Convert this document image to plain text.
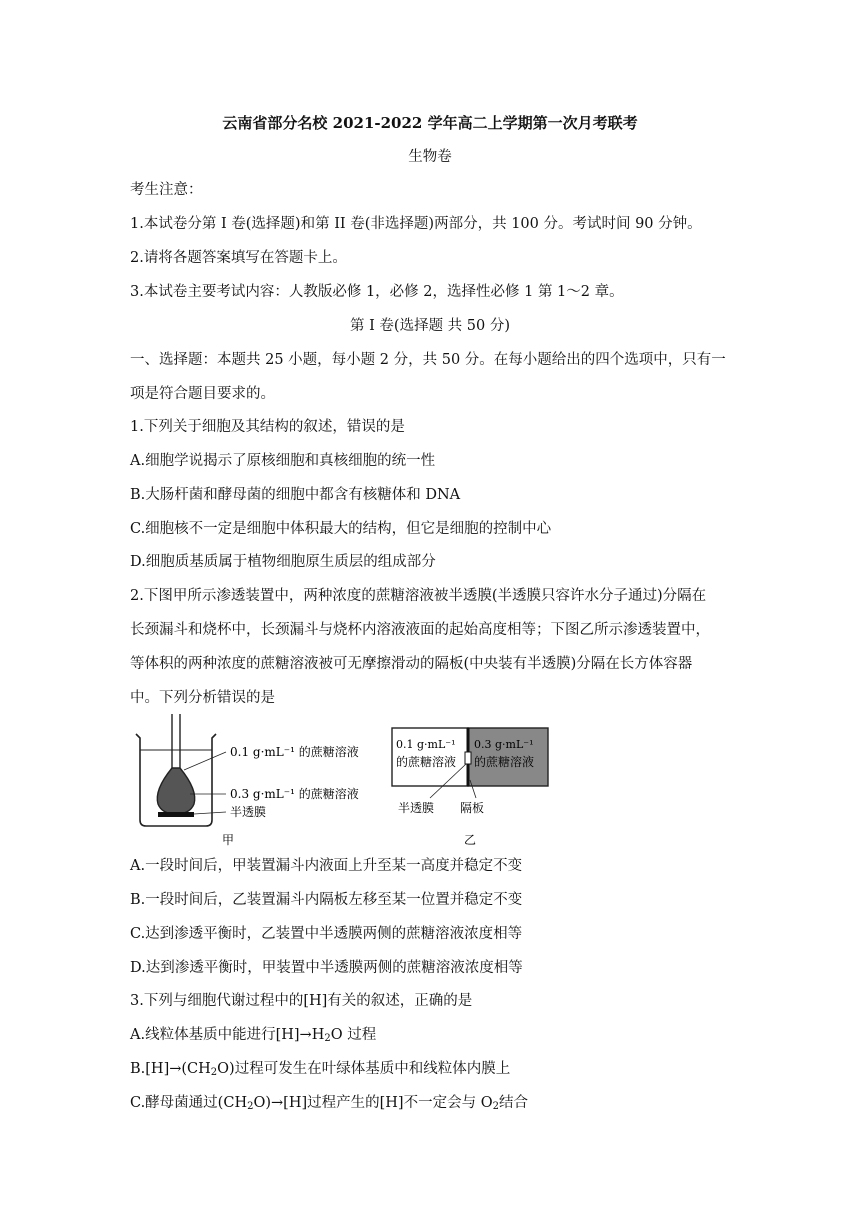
云南省部分名校 2021-2022 学年高二上学期第一次月考联考
生物卷
考生注意：
1.本试卷分第 I 卷(选择题)和第 II 卷(非选择题)两部分，共 100 分。考试时间 90 分钟。
2.请将各题答案填写在答题卡上。
3.本试卷主要考试内容：人教版必修 1，必修 2，选择性必修 1 第 1～2 章。
第 I 卷(选择题 共 50 分)
一、选择题：本题共 25 小题，每小题 2 分，共 50 分。在每小题给出的四个选项中，只有一
项是符合题目要求的。
1.下列关于细胞及其结构的叙述，错误的是
A.细胞学说揭示了原核细胞和真核细胞的统一性
B.大肠杆菌和酵母菌的细胞中都含有核糖体和 DNA
C.细胞核不一定是细胞中体积最大的结构，但它是细胞的控制中心
D.细胞质基质属于植物细胞原生质层的组成部分
2.下图甲所示渗透装置中，两种浓度的蔗糖溶液被半透膜(半透膜只容许水分子通过)分隔在
长颈漏斗和烧杯中，长颈漏斗与烧杯内溶液液面的起始高度相等；下图乙所示渗透装置中，
等体积的两种浓度的蔗糖溶液被可无摩擦滑动的隔板(中央装有半透膜)分隔在长方体容器
中。下列分析错误的是
0.1 g·mL⁻¹ 的蔗糖溶液
0.3 g·mL⁻¹ 的蔗糖溶液
半透膜
甲
0.1 g·mL⁻¹
的蔗糖溶液
0.3 g·mL⁻¹
的蔗糖溶液
半透膜 隔板
乙
A.一段时间后，甲装置漏斗内液面上升至某一高度并稳定不变
B.一段时间后，乙装置漏斗内隔板左移至某一位置并稳定不变
C.达到渗透平衡时，乙装置中半透膜两侧的蔗糖溶液浓度相等
D.达到渗透平衡时，甲装置中半透膜两侧的蔗糖溶液浓度相等
3.下列与细胞代谢过程中的[H]有关的叙述，正确的是
A.线粒体基质中能进行$[H]\to H_2O$ 过程
$B.[H]\to(CH_2O)$过程可发生在叶绿体基质中和线粒体内膜上
C.酵母菌通过$(CH_2O)\to[H]$过程产生的[H]不一定会与 $O_2$结合
